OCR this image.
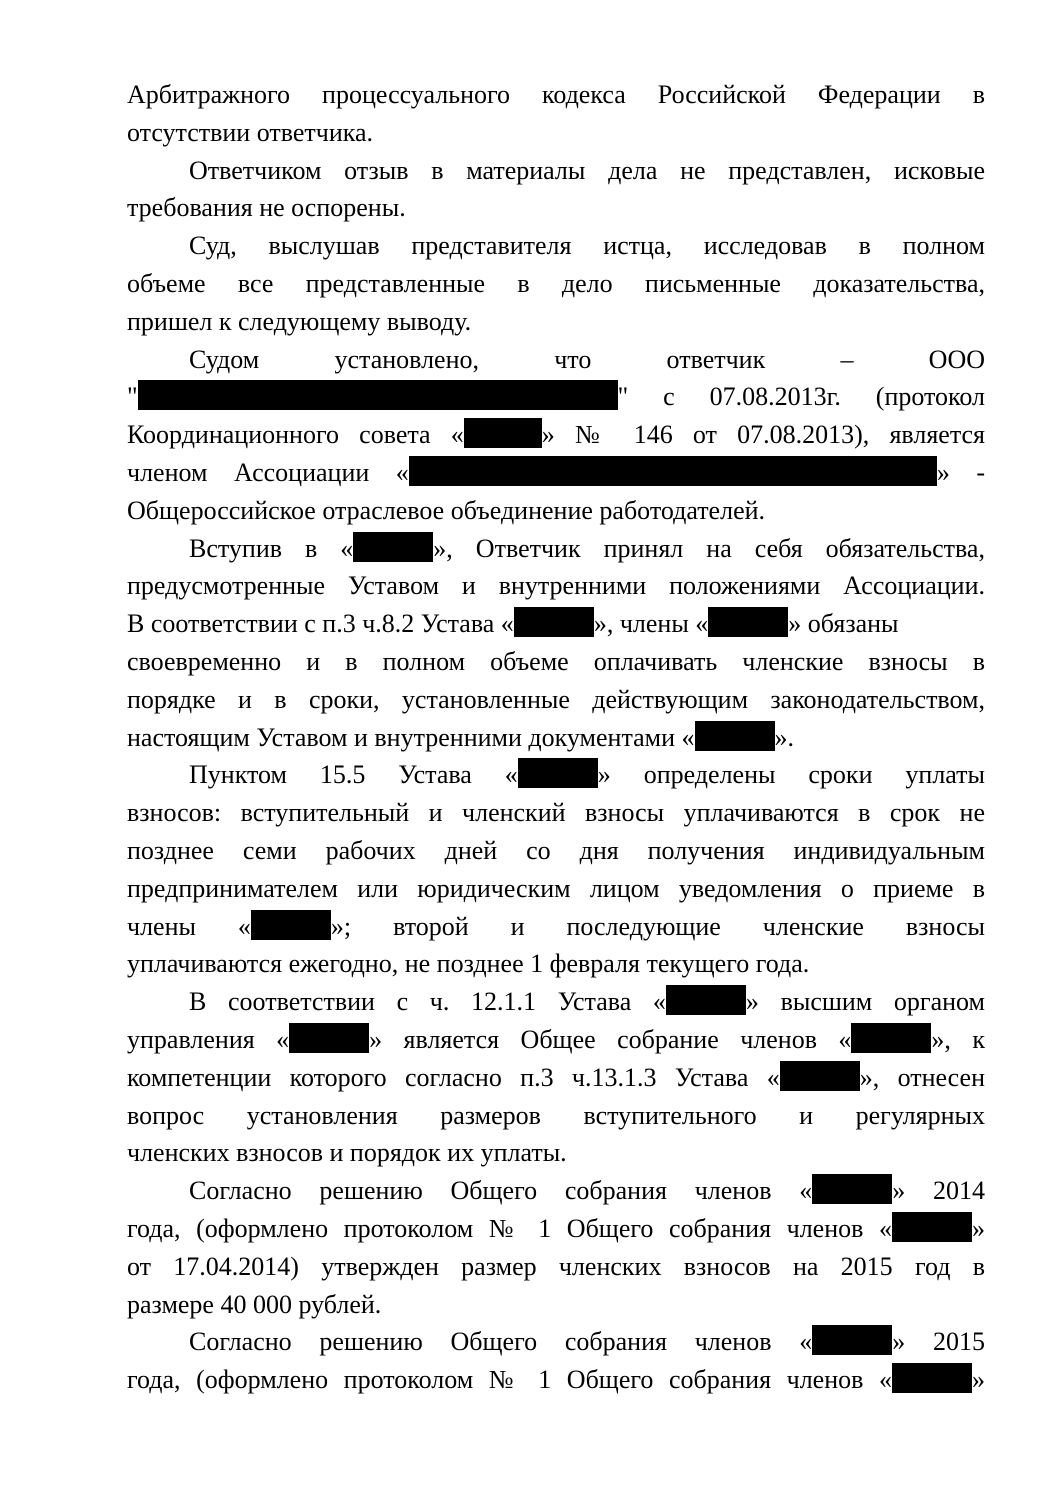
Арбитражного процессуального кодекса Российской Федерации в
отсутствии ответчика.
Ответчиком отзыв в материалы дела не представлен, исковые
требования не оспорены.
Суд, выслушав представителя истца, исследовав в полном
объеме все представленные в дело письменные доказательства,
пришел к следующему выводу.
Судом установлено, что ответчик – ООО
"	" с 07.08.2013г. (протокол
Координационного совета «	» № 146 от 07.08.2013), является
членом Ассоциации «	» -
Общероссийское отраслевое объединение работодателей.
Вступив в «	», Ответчик принял на себя обязательства,
предусмотренные Уставом и внутренними положениями Ассоциации.
В соответствии с п.3 ч.8.2 Устава «	», члены «	» обязаны
своевременно и в полном объеме оплачивать членские взносы в
порядке и в сроки, установленные действующим законодательством,
настоящим Уставом и внутренними документами «	».
Пунктом 15.5 Устава «	» определены сроки уплаты
взносов: вступительный и членский взносы уплачиваются в срок не
позднее семи рабочих дней со дня получения индивидуальным
предпринимателем или юридическим лицом уведомления о приеме в
члены «	»; второй и последующие членские взносы
уплачиваются ежегодно, не позднее 1 февраля текущего года.
В соответствии с ч. 12.1.1 Устава «	» высшим органом
управления «	» является Общее собрание членов «	», к
компетенции которого согласно п.3 ч.13.1.3 Устава «	», отнесен
вопрос установления размеров вступительного и регулярных
членских взносов и порядок их уплаты.
Согласно решению Общего собрания членов «	» 2014
года, (оформлено протоколом № 1 Общего собрания членов «	»
от 17.04.2014) утвержден размер членских взносов на 2015 год в
размере 40 000 рублей.
Согласно решению Общего собрания членов «	» 2015
года, (оформлено протоколом № 1 Общего собрания членов «	»
